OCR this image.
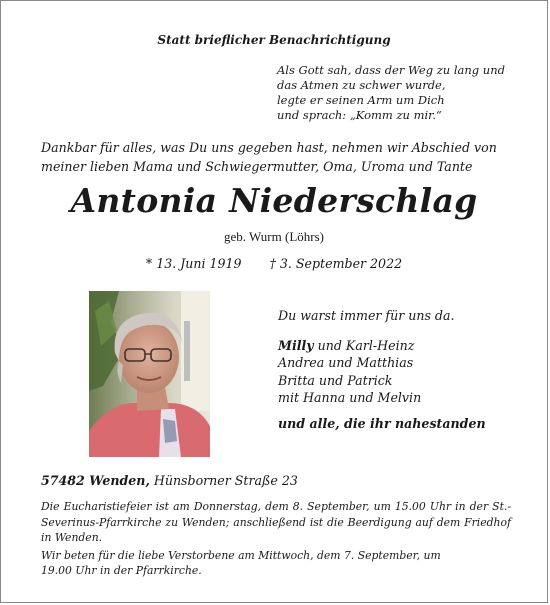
Statt brieflicher Benachrichtigung
Als Gott sah, dass der Weg zu lang und
das Atmen zu schwer wurde,
legte er seinen Arm um Dich
und sprach: „Komm zu mir.“
Dankbar für alles, was Du uns gegeben hast, nehmen wir Abschied von
meiner lieben Mama und Schwiegermutter, Oma, Uroma und Tante
Antonia Niederschlag
geb. Wurm (Löhrs)
* 13. Juni 1919 † 3. September 2022
Du warst immer für uns da.
Milly und Karl-Heinz
Andrea und Matthias
Britta und Patrick
mit Hanna und Melvin
und alle, die ihr nahestanden
57482 Wenden, Hünsborner Straße 23

Die Eucharistiefeier ist am Donnerstag, dem 8. September, um 15.00 Uhr in der St.-Severinus-Pfarrkirche zu Wenden; anschließend ist die Beerdigung auf dem Friedhof in Wenden.

Wir beten für die liebe Verstorbene am Mittwoch, dem 7. September, um
19.00 Uhr in der Pfarrkirche.
